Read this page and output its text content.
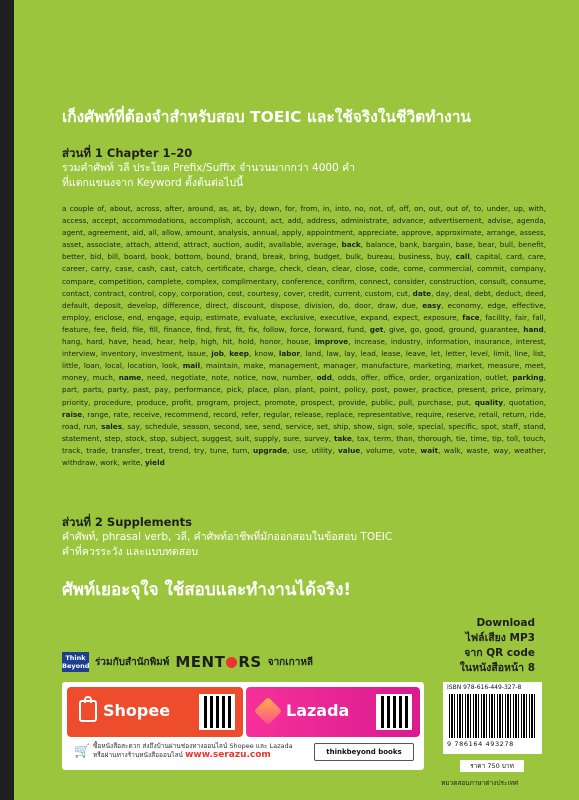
เก็งศัพท์ที่ต้องจำสำหรับสอบ TOEIC และใช้จริงในชีวิตทำงาน
ส่วนที่ 1 Chapter 1–20
รวมคำศัพท์ วลี ประโยค Prefix/Suffix จำนวนมากกว่า 4000 คำ
ที่แตกแขนงจาก Keyword ตั้งต้นต่อไปนี้
a couple of, about, across, after, around, as, at, by, down, for, from, in, into, no, not, of, off, on, out, out of, to, under, up, with, access, accept, accommodations, accomplish, account, act, add, address, administrate, advance, advertisement, advise, agenda, agent, agreement, aid, all, allow, amount, analysis, annual, apply, appointment, appreciate, approve, approximate, arrange, assess, asset, associate, attach, attend, attract, auction, audit, available, average, back, balance, bank, bargain, base, bear, bull, benefit, better, bid, bill, board, book, bottom, bound, brand, break, bring, budget, bulk, bureau, business, buy, call, capital, card, care, career, carry, case, cash, cast, catch, certificate, charge, check, clean, clear, close, code, come, commercial, commit, company, compare, competition, complete, complex, complimentary, conference, confirm, connect, consider, construction, consult, consume, contact, contract, control, copy, corporation, cost, courtesy, cover, credit, current, custom, cut, date, day, deal, debt, deduct, deed, default, deposit, develop, difference, direct, discount, dispose, division, do, door, draw, due, easy, economy, edge, effective, employ, enclose, end, engage, equip, estimate, evaluate, exclusive, executive, expand, expect, exposure, face, facility, fair, fall, feature, fee, field, file, fill, finance, find, first, fit, fix, follow, force, forward, fund, get, give, go, good, ground, guarantee, hand, hang, hard, have, head, hear, help, high, hit, hold, honor, house, improve, increase, industry, information, insurance, interest, interview, inventory, investment, issue, job, keep, know, labor, land, law, lay, lead, lease, leave, let, letter, level, limit, line, list, little, loan, local, location, look, mail, maintain, make, management, manager, manufacture, marketing, market, measure, meet, money, much, name, need, negotiate, note, notice, now, number, odd, odds, offer, office, order, organization, outlet, parking, part, parts, party, past, pay, performance, pick, place, plan, plant, point, policy, post, power, practice, present, price, primary, priority, procedure, produce, profit, program, project, promote, prospect, provide, public, pull, purchase, put, quality, quotation, raise, range, rate, receive, recommend, record, refer, regular, release, replace, representative, require, reserve, retail, return, ride, road, run, sales, say, schedule, season, second, see, send, service, set, ship, show, sign, sole, special, specific, spot, staff, stand, statement, step, stock, stop, subject, suggest, suit, supply, sure, survey, take, tax, term, than, thorough, tie, time, tip, toll, touch, track, trade, transfer, treat, trend, try, tune, turn, upgrade, use, utility, value, volume, vote, wait, walk, waste, way, weather, withdraw, work, write, yield
ส่วนที่ 2 Supplements
คำศัพท์, phrasal verb, วลี, คำศัพท์อาชีพที่มักออกสอบในข้อสอบ TOEIC
คำที่ควรระวัง และแบบทดสอบ
ศัพท์เยอะจุใจ ใช้สอบและทำงานได้จริง!
Download
ไฟล์เสียง MP3
จาก QR code
ในหนังสือหน้า 8
Think
Beyond ร่วมกับสำนักพิมพ์ MENT RS จากเกาหลี
Shopee	Lazada
🛒 ซื้อหนังสือสะดวก ส่งถึงบ้านผ่านช่องทางออนไลน์ Shopee และ Lazada
หรือผ่านทางร้านหนังสือออนไลน์ www.serazu.com	thinkbeyond books
ISBN 978-616-449-327-8
9 786164 493278
ราคา 750 บาท
หมวดสอบภาษาต่างประเทศ
